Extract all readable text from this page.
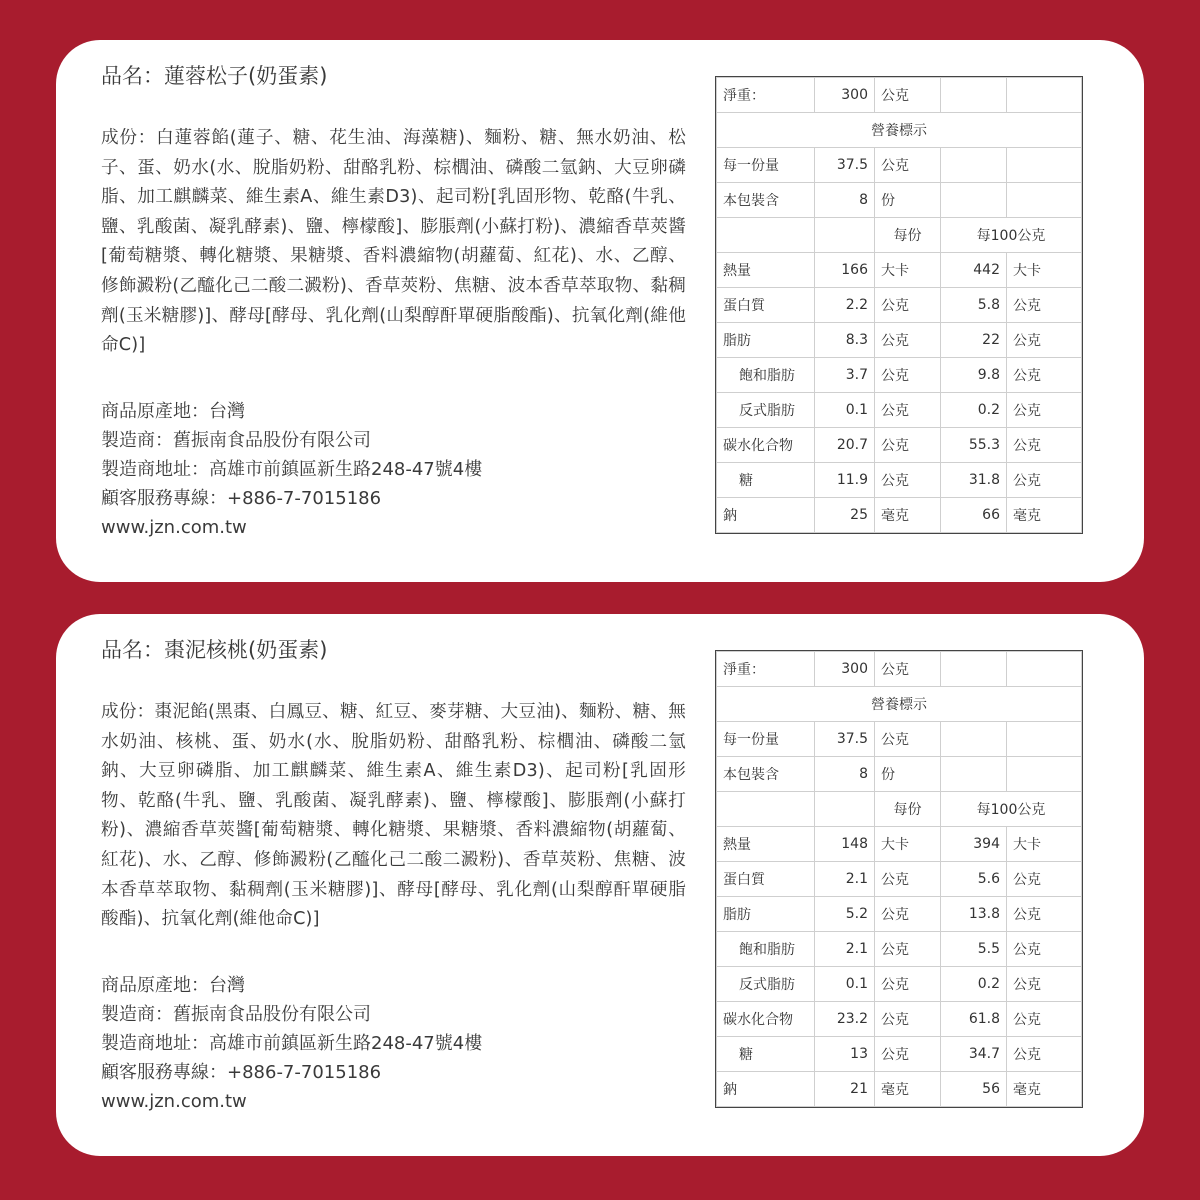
品名：蓮蓉松子(奶蛋素)

成份：白蓮蓉餡(蓮子、糖、花生油、海藻糖)、麵粉、糖、無水奶油、松子、蛋、奶水(水、脫脂奶粉、甜酪乳粉、棕櫚油、磷酸二氫鈉、大豆卵磷脂、加工麒麟菜、維生素A、維生素D3)、起司粉[乳固形物、乾酪(牛乳、鹽、乳酸菌、凝乳酵素)、鹽、檸檬酸]、膨脹劑(小蘇打粉)、濃縮香草莢醬[葡萄糖漿、轉化糖漿、果糖漿、香料濃縮物(胡蘿蔔、紅花)、水、乙醇、修飾澱粉(乙醯化己二酸二澱粉)、香草莢粉、焦糖、波本香草萃取物、黏稠劑(玉米糖膠)]、酵母[酵母、乳化劑(山梨醇酐單硬脂酸酯)、抗氧化劑(維他命C)]
商品原產地：台灣
製造商：舊振南食品股份有限公司
製造商地址：高雄市前鎮區新生路248-47號4樓
顧客服務專線：+886-7-7015186
www.jzn.com.tw
淨重：	300	公克		
營養標示				
每一份量	37.5	公克		
本包裝含	8	份		
		每份	每100公克	
熱量	166	大卡	442	大卡
蛋白質	2.2	公克	5.8	公克
脂肪	8.3	公克	22	公克
飽和脂肪	3.7	公克	9.8	公克
反式脂肪	0.1	公克	0.2	公克
碳水化合物	20.7	公克	55.3	公克
糖	11.9	公克	31.8	公克
鈉	25	毫克	66	毫克

品名：棗泥核桃(奶蛋素)

成份：棗泥餡(黑棗、白鳳豆、糖、紅豆、麥芽糖、大豆油)、麵粉、糖、無水奶油、核桃、蛋、奶水(水、脫脂奶粉、甜酪乳粉、棕櫚油、磷酸二氫鈉、大豆卵磷脂、加工麒麟菜、維生素A、維生素D3)、起司粉[乳固形物、乾酪(牛乳、鹽、乳酸菌、凝乳酵素)、鹽、檸檬酸]、膨脹劑(小蘇打粉)、濃縮香草莢醬[葡萄糖漿、轉化糖漿、果糖漿、香料濃縮物(胡蘿蔔、紅花)、水、乙醇、修飾澱粉(乙醯化己二酸二澱粉)、香草莢粉、焦糖、波本香草萃取物、黏稠劑(玉米糖膠)]、酵母[酵母、乳化劑(山梨醇酐單硬脂酸酯)、抗氧化劑(維他命C)]
商品原產地：台灣
製造商：舊振南食品股份有限公司
製造商地址：高雄市前鎮區新生路248-47號4樓
顧客服務專線：+886-7-7015186
www.jzn.com.tw
淨重：	300	公克		
營養標示				
每一份量	37.5	公克		
本包裝含	8	份		
		每份	每100公克	
熱量	148	大卡	394	大卡
蛋白質	2.1	公克	5.6	公克
脂肪	5.2	公克	13.8	公克
飽和脂肪	2.1	公克	5.5	公克
反式脂肪	0.1	公克	0.2	公克
碳水化合物	23.2	公克	61.8	公克
糖	13	公克	34.7	公克
鈉	21	毫克	56	毫克
